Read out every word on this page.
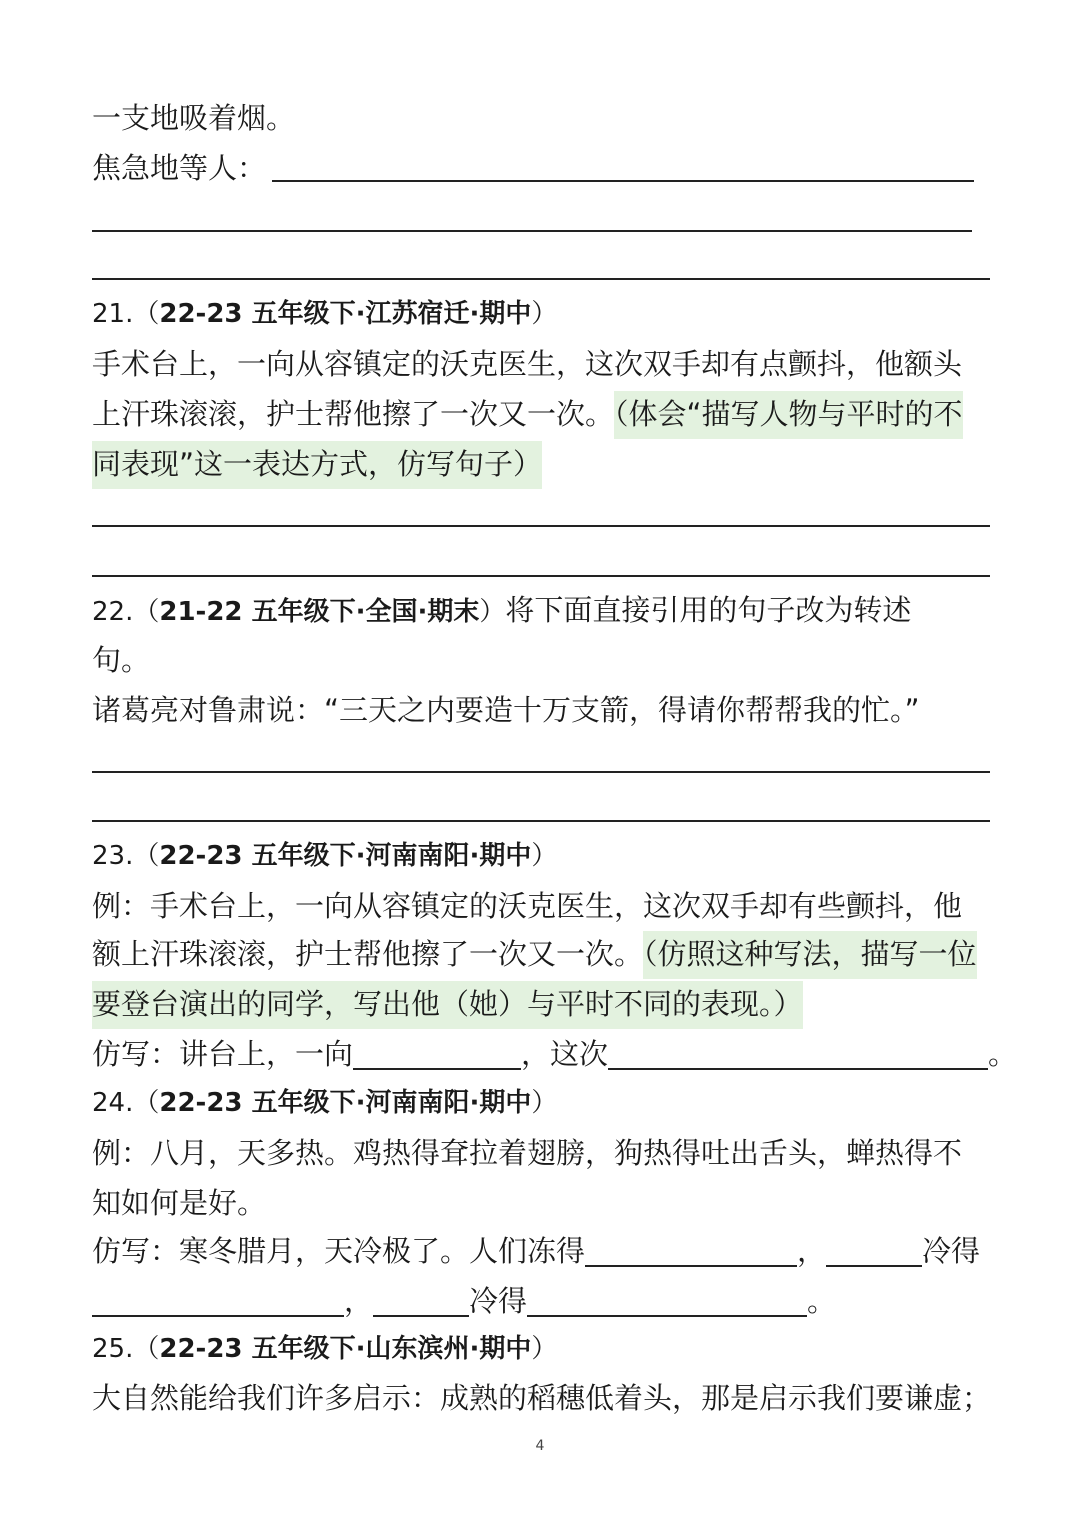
一支地吸着烟。
焦急地等人：
21.（22-23 五年级下·江苏宿迁·期中）
手术台上，一向从容镇定的沃克医生，这次双手却有点颤抖，他额头
上汗珠滚滚，护士帮他擦了一次又一次。（体会“描写人物与平时的不
同表现”这一表达方式，仿写句子）
22.（21-22 五年级下·全国·期末）将下面直接引用的句子改为转述
句。
诸葛亮对鲁肃说：“三天之内要造十万支箭，得请你帮帮我的忙。”
23.（22-23 五年级下·河南南阳·期中）
例：手术台上，一向从容镇定的沃克医生，这次双手却有些颤抖，他
额上汗珠滚滚，护士帮他擦了一次又一次。（仿照这种写法，描写一位
要登台演出的同学，写出他（她）与平时不同的表现。）
仿写：讲台上，一向	，这次	。
24.（22-23 五年级下·河南南阳·期中）
例：八月，天多热。鸡热得耷拉着翅膀，狗热得吐出舌头，蝉热得不
知如何是好。
仿写：寒冬腊月，天冷极了。人们冻得	，	冷得
，	冷得	。
25.（22-23 五年级下·山东滨州·期中）
大自然能给我们许多启示：成熟的稻穗低着头，那是启示我们要谦虚；
4
